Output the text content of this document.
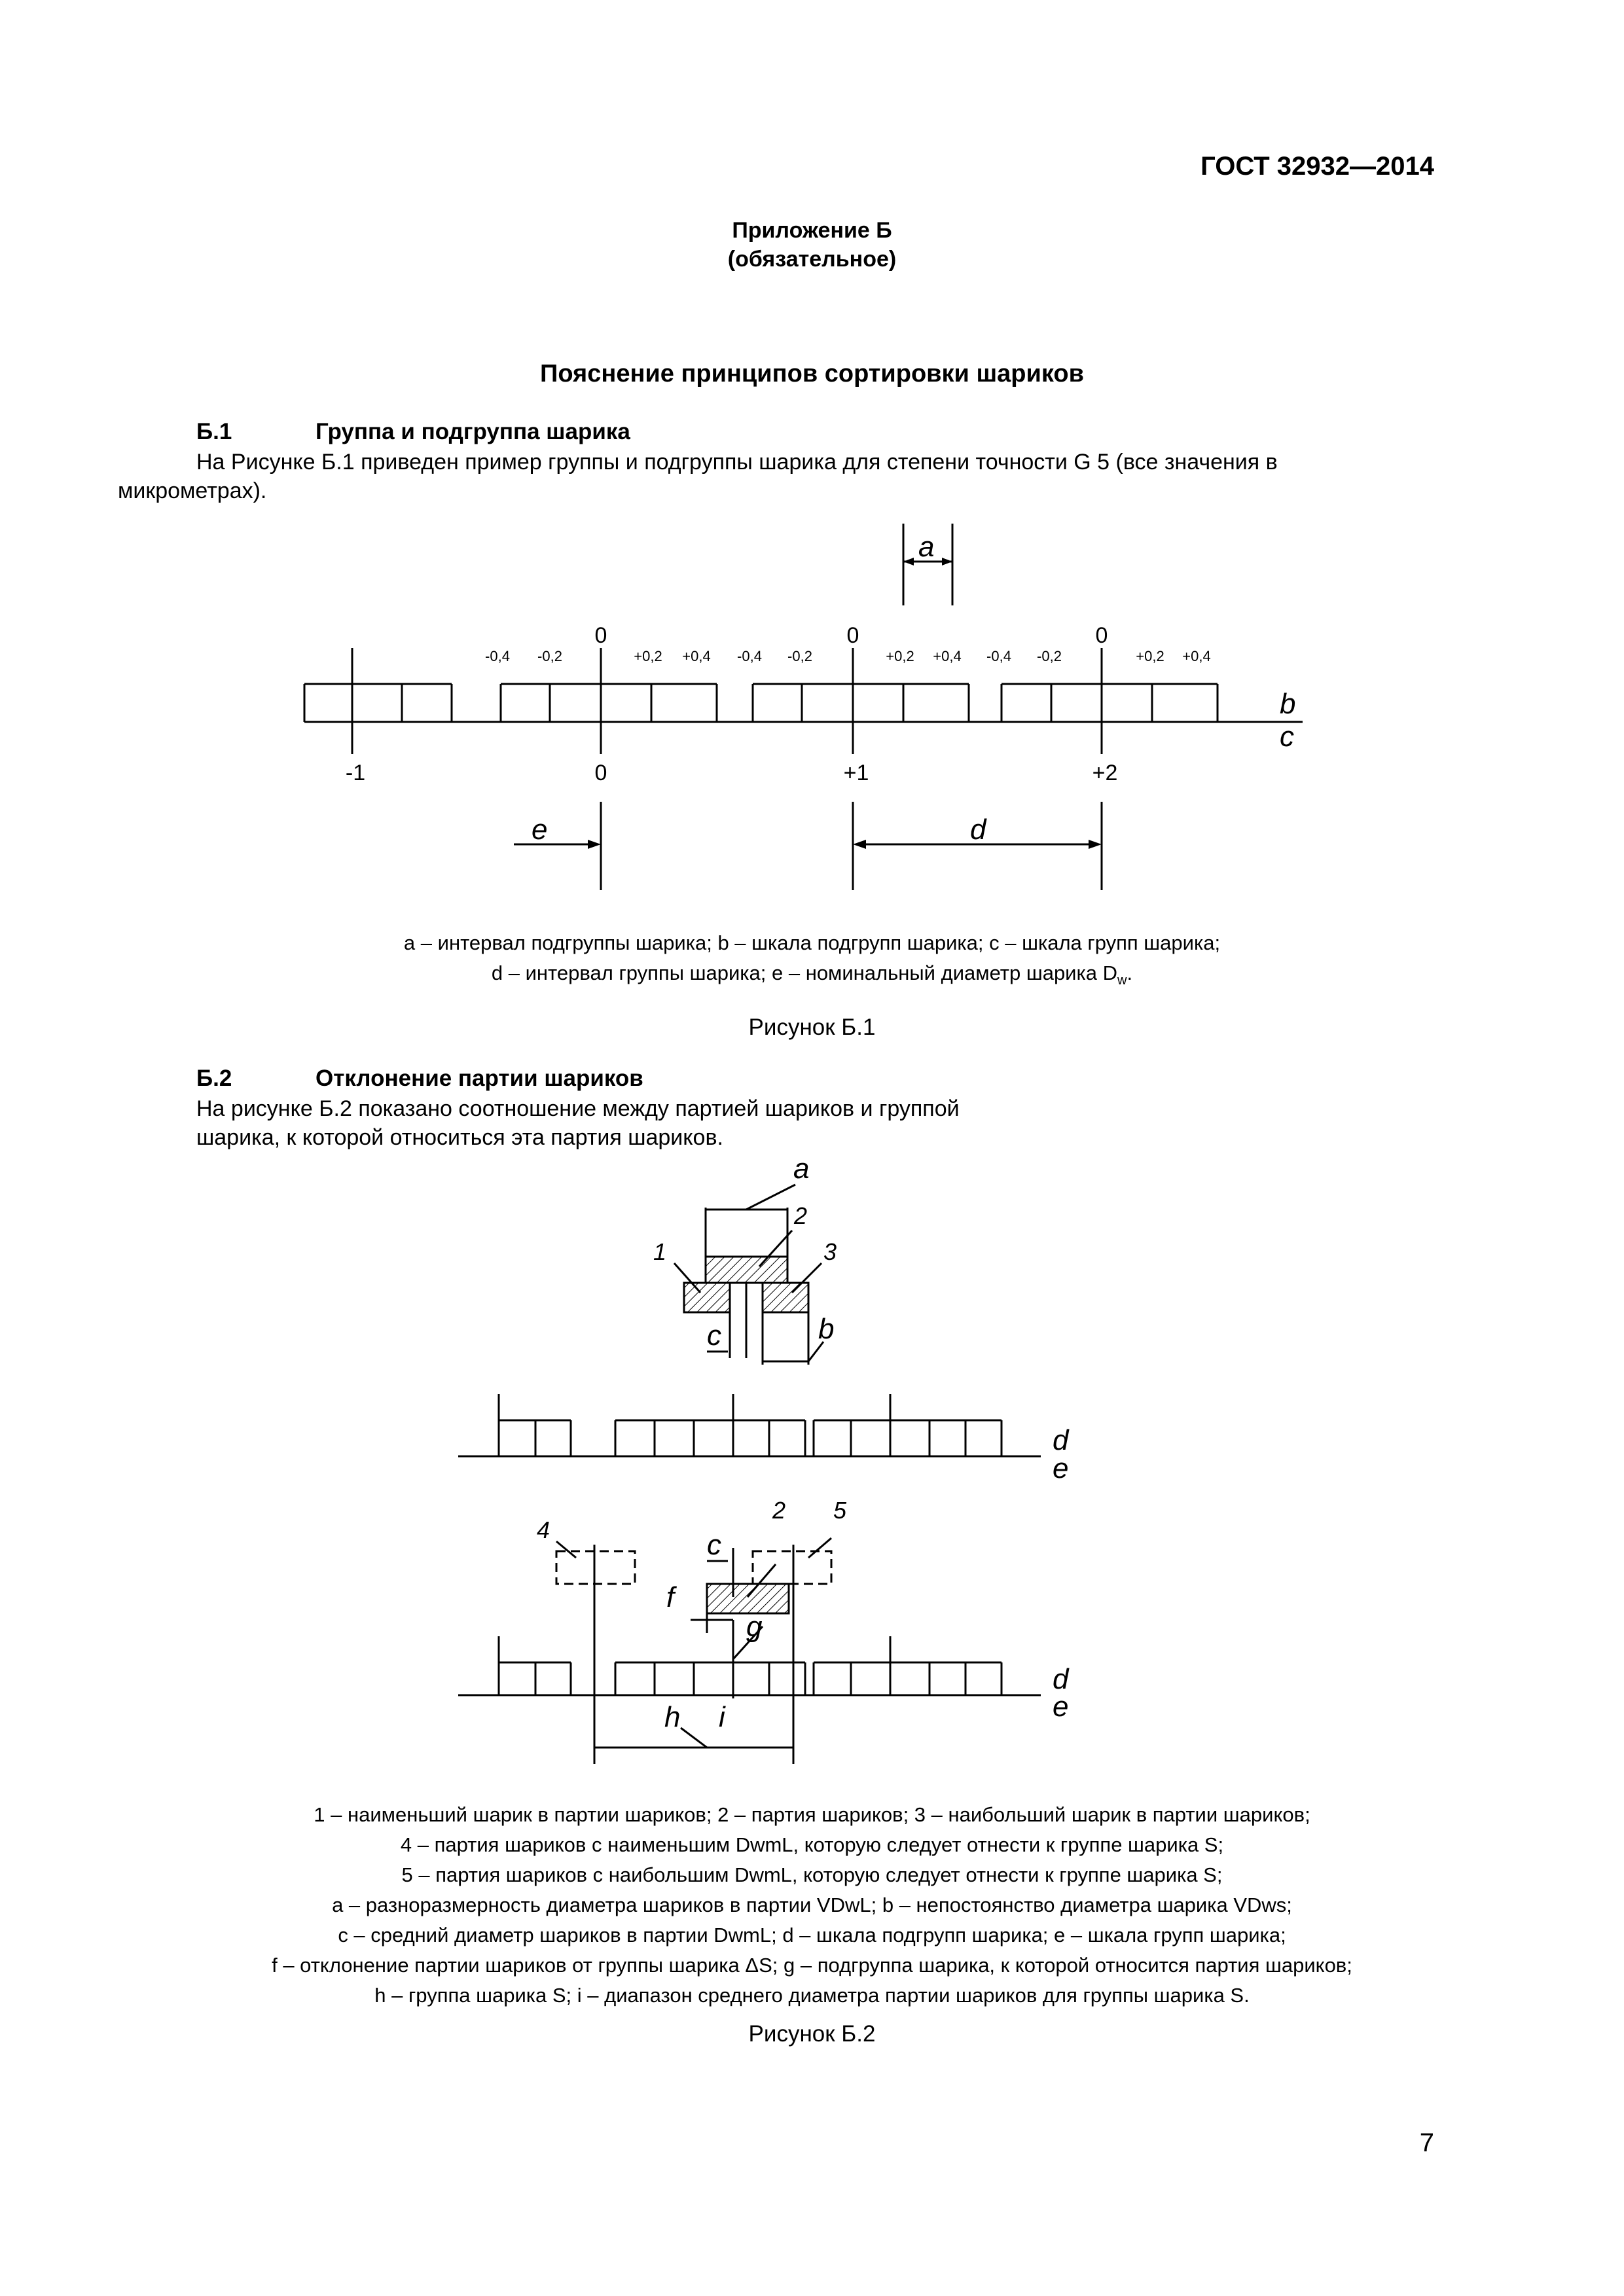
ГОСТ 32932—2014
Приложение Б
(обязательное)
Пояснение принципов сортировки шариков
Б.1	Группа и подгруппа шарика
На Рисунке Б.1 приведен пример группы и подгруппы шарика для степени точности G 5 (все значения в
микрометрах).
a
b
c
e	d
0	0	0
-0,4 -0,2	+0,2 +0,4 -0,4 -0,2	+0,2 +0,4 -0,4 -0,2	+0,2 +0,4
-1	0	+1	+2
a – интервал подгруппы шарика; b – шкала подгрупп шарика; c – шкала групп шарика;
d – интервал группы шарика; e – номинальный диаметр шарика $D_w$.
Рисунок Б.1
Б.2	Отклонение партии шариков
На рисунке Б.2 показано соотношение между партией шариков и группой
шарика, к которой относиться эта партия шариков.
a
c	b
2
1	3
d
e
c
f
g
h i
4
5
2
d
e
1 – наименьший шарик в партии шариков; 2 – партия шариков; 3 – наибольший шарик в партии шариков;
4 – партия шариков с наименьшим DwmL, которую следует отнести к группе шарика S;
5 – партия шариков с наибольшим DwmL, которую следует отнести к группе шарика S;
a – разноразмерность диаметра шариков в партии VDwL; b – непостоянство диаметра шарика VDws;
c – средний диаметр шариков в партии DwmL; d – шкала подгрупп шарика; e – шкала групп шарика;
f – отклонение партии шариков от группы шарика ΔS; g – подгруппа шарика, к которой относится партия шариков;
h – группа шарика S; i – диапазон среднего диаметра партии шариков для группы шарика S.
Рисунок Б.2
7
